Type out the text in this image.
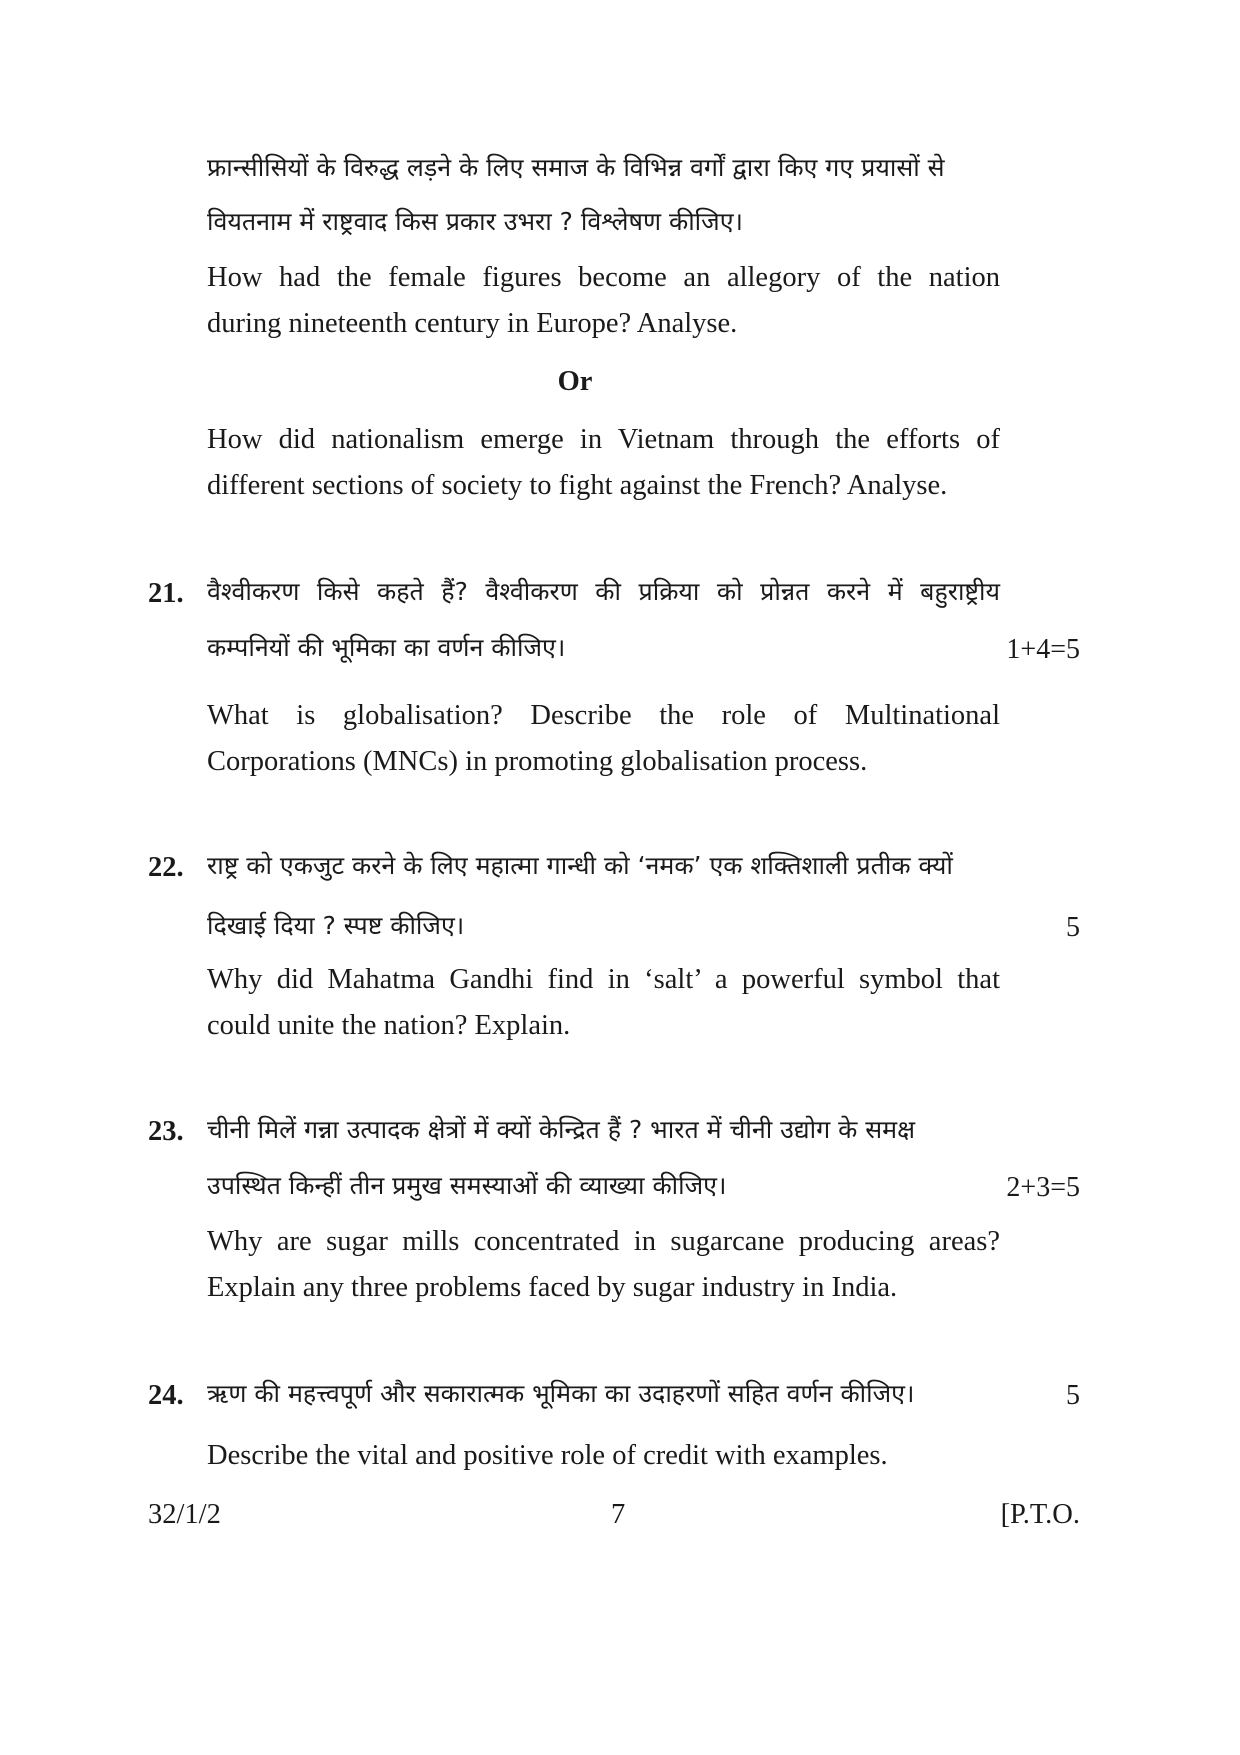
फ्रान्सीसियों के विरुद्ध लड़ने के लिए समाज के विभिन्न वर्गों द्वारा किए गए प्रयासों से
वियतनाम में राष्ट्रवाद किस प्रकार उभरा ? विश्लेषण कीजिए।
How had the female figures become an allegory of the nation
during nineteenth century in Europe? Analyse.
Or
How did nationalism emerge in Vietnam through the efforts of
different sections of society to fight against the French? Analyse.
21. वैश्वीकरण किसे कहते हैं? वैश्वीकरण की प्रक्रिया को प्रोन्नत करने में बहुराष्ट्रीय
कम्पनियों की भूमिका का वर्णन कीजिए।	1+4=5
What is globalisation? Describe the role of Multinational
Corporations (MNCs) in promoting globalisation process.
22. राष्ट्र को एकजुट करने के लिए महात्मा गान्धी को ‘नमक’ एक शक्तिशाली प्रतीक क्यों
दिखाई दिया ? स्पष्ट कीजिए।	5
Why did Mahatma Gandhi find in ‘salt’ a powerful symbol that
could unite the nation? Explain.
23. चीनी मिलें गन्ना उत्पादक क्षेत्रों में क्यों केन्द्रित हैं ? भारत में चीनी उद्योग के समक्ष
उपस्थित किन्हीं तीन प्रमुख समस्याओं की व्याख्या कीजिए।	2+3=5
Why are sugar mills concentrated in sugarcane producing areas?
Explain any three problems faced by sugar industry in India.
24. ऋण की महत्त्वपूर्ण और सकारात्मक भूमिका का उदाहरणों सहित वर्णन कीजिए।	5
Describe the vital and positive role of credit with examples.
32/1/2	7	[P.T.O.
